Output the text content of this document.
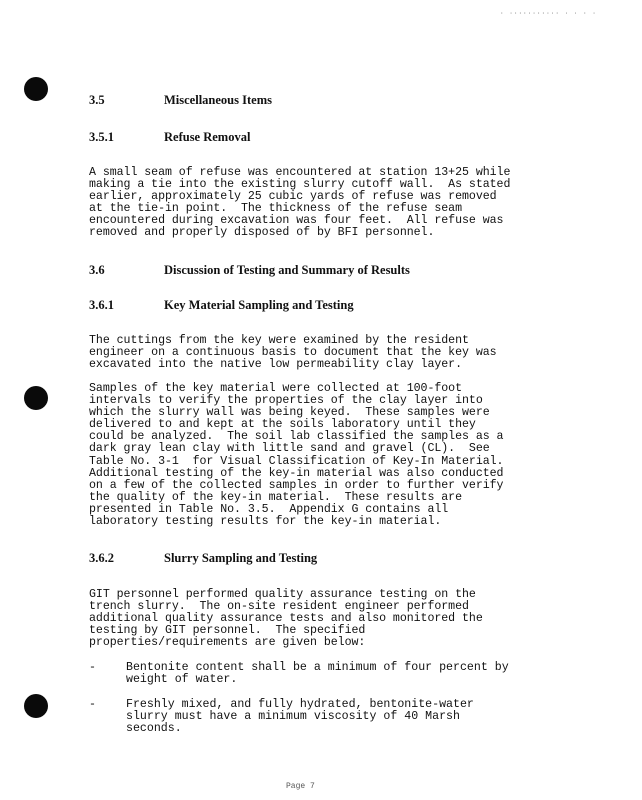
· ··········· · · · ·
3.5	Miscellaneous Items
3.5.1	Refuse Removal

A small seam of refuse was encountered at station 13+25 while
making a tie into the existing slurry cutoff wall.  As stated
earlier, approximately 25 cubic yards of refuse was removed
at the tie-in point.  The thickness of the refuse seam
encountered during excavation was four feet.  All refuse was
removed and properly disposed of by BFI personnel.

3.6	Discussion of Testing and Summary of Results
3.6.1	Key Material Sampling and Testing

The cuttings from the key were examined by the resident
engineer on a continuous basis to document that the key was
excavated into the native low permeability clay layer.

Samples of the key material were collected at 100-foot
intervals to verify the properties of the clay layer into
which the slurry wall was being keyed.  These samples were
delivered to and kept at the soils laboratory until they
could be analyzed.  The soil lab classified the samples as a
dark gray lean clay with little sand and gravel (CL).  See
Table No. 3-1  for Visual Classification of Key-In Material.
Additional testing of the key-in material was also conducted
on a few of the collected samples in order to further verify
the quality of the key-in material.  These results are
presented in Table No. 3.5.  Appendix G contains all
laboratory testing results for the key-in material.

3.6.2	Slurry Sampling and Testing

GIT personnel performed quality assurance testing on the
trench slurry.  The on-site resident engineer performed
additional quality assurance tests and also monitored the
testing by GIT personnel.  The specified
properties/requirements are given below:

-	Bentonite content shall be a minimum of four percent by
weight of water.

-	Freshly mixed, and fully hydrated, bentonite-water
slurry must have a minimum viscosity of 40 Marsh
seconds.

Page 7
